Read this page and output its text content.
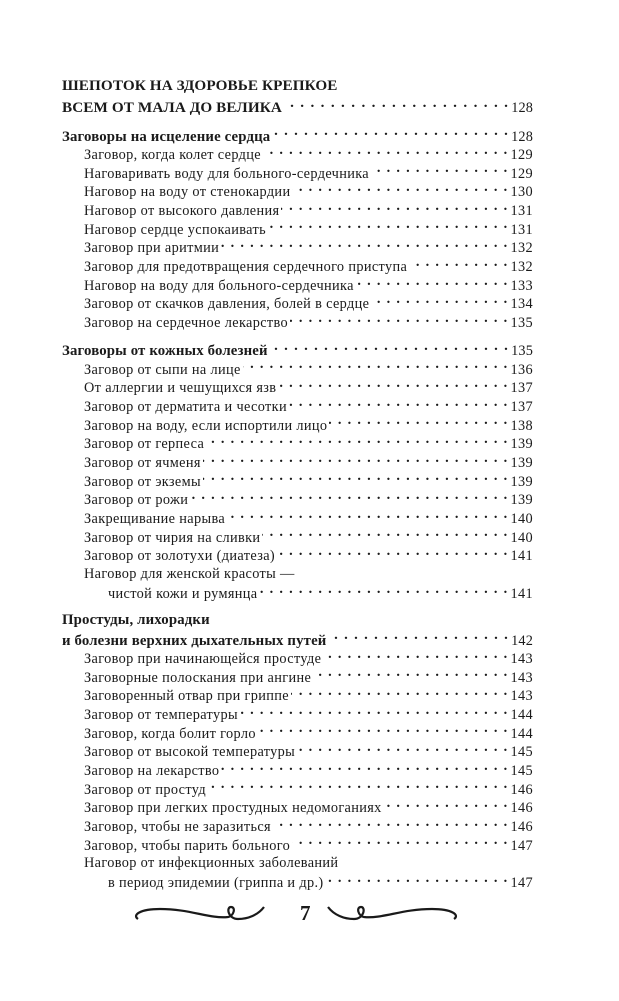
ШЕПОТОК НА ЗДОРОВЬЕ КРЕПКОЕ
ВСЕМ ОТ МАЛА ДО ВЕЛИКА . . .	128
Заговоры на исцеление сердца . . .	128
Заговор, когда колет сердце . . .	129
Наговаривать воду для больного-сердечника . . .	129
Наговор на воду от стенокардии . . .	130
Наговор от высокого давления . . .	131
Наговор сердце успокаивать . . .	131
Заговор при аритмии . . .	132
Заговор для предотвращения сердечного приступа . . .	132
Наговор на воду для больного-сердечника . . .	133
Заговор от скачков давления, болей в сердце . . .	134
Заговор на сердечное лекарство . . .	135
Заговоры от кожных болезней . . .	135
Заговор от сыпи на лице . . .	136
От аллергии и чешущихся язв . . .	137
Заговор от дерматита и чесотки . . .	137
Заговор на воду, если испортили лицо . . .	138
Заговор от герпеса . . .	139
Заговор от ячменя . . .	139
Заговор от экземы . . .	139
Заговор от рожи . . .	139
Закрещивание нарыва . . .	140
Заговор от чирия на сливки . . .	140
Заговор от золотухи (диатеза) . . .	141
Наговор для женской красоты —
чистой кожи и румянца . . .	141
Простуды, лихорадки
и болезни верхних дыхательных путей . . .	142
Заговор при начинающейся простуде . . .	143
Заговорные полоскания при ангине . . .	143
Заговоренный отвар при гриппе . . .	143
Заговор от температуры . . .	144
Заговор, когда болит горло . . .	144
Заговор от высокой температуры . . .	145
Заговор на лекарство . . .	145
Заговор от простуд . . .	146
Заговор при легких простудных недомоганиях . . .	146
Заговор, чтобы не заразиться . . .	146
Заговор, чтобы парить больного . . .	147
Наговор от инфекционных заболеваний
в период эпидемии (гриппа и др.) . . .	147
7
